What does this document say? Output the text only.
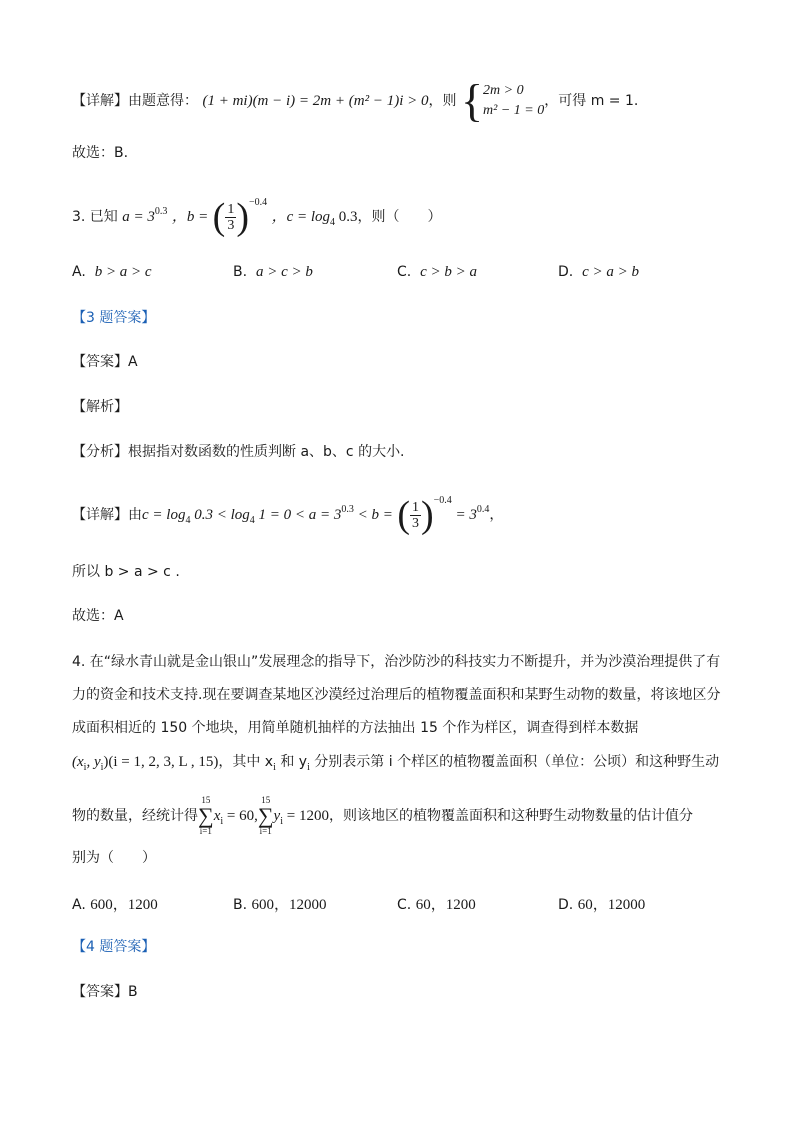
【详解】由题意得： (1 + mi)(m − i) = 2m + (m² − 1)i > 0，则 { 2m > 0
m² − 1 = 0
，可得 m = 1.
故选：B.
3. 已知 $a = 3^{0.3}$ ，b = ( $\frac{1}{3} )^{-0.4}$ ，$c = \log_4 0.3$，则（　　）
A. b > a > c	B. a > c > b	C. c > b > a	D. c > a > b
【3 题答案】
【答案】A
【解析】
【分析】根据指对数函数的性质判断 a、b、c 的大小.
【详解】由$c = \log_4 0.3 < \log_4 1 = 0 < a = 3^{0.3} < b$ = ( $\frac{1}{3} )^{-0.4} = 3^{0.4}$，
所以 b > a > c .
故选：A
4. 在“绿水青山就是金山银山”发展理念的指导下，治沙防沙的科技实力不断提升，并为沙漠治理提供了有
力的资金和技术支持.现在要调查某地区沙漠经过治理后的植物覆盖面积和某野生动物的数量，将该地区分
成面积相近的 150 个地块，用简单随机抽样的方法抽出 15 个作为样区，调查得到样本数据
($x_i$, $y_i)(i = 1$, 2, 3, L , 15)，其中 $x_i$ 和 $y_i$ 分别表示第 i 个样区的植物覆盖面积（单位：公顷）和这种野生动
物的数量，经统计得
15
∑
i=1
$x_i = 60$,
15
∑
i=1
$y_i = 1200$，则该地区的植物覆盖面积和这种野生动物数量的估计值分
别为（　　）
A. 600，1200	B. 600，12000	C. 60，1200	D. 60，12000
【4 题答案】
【答案】B
